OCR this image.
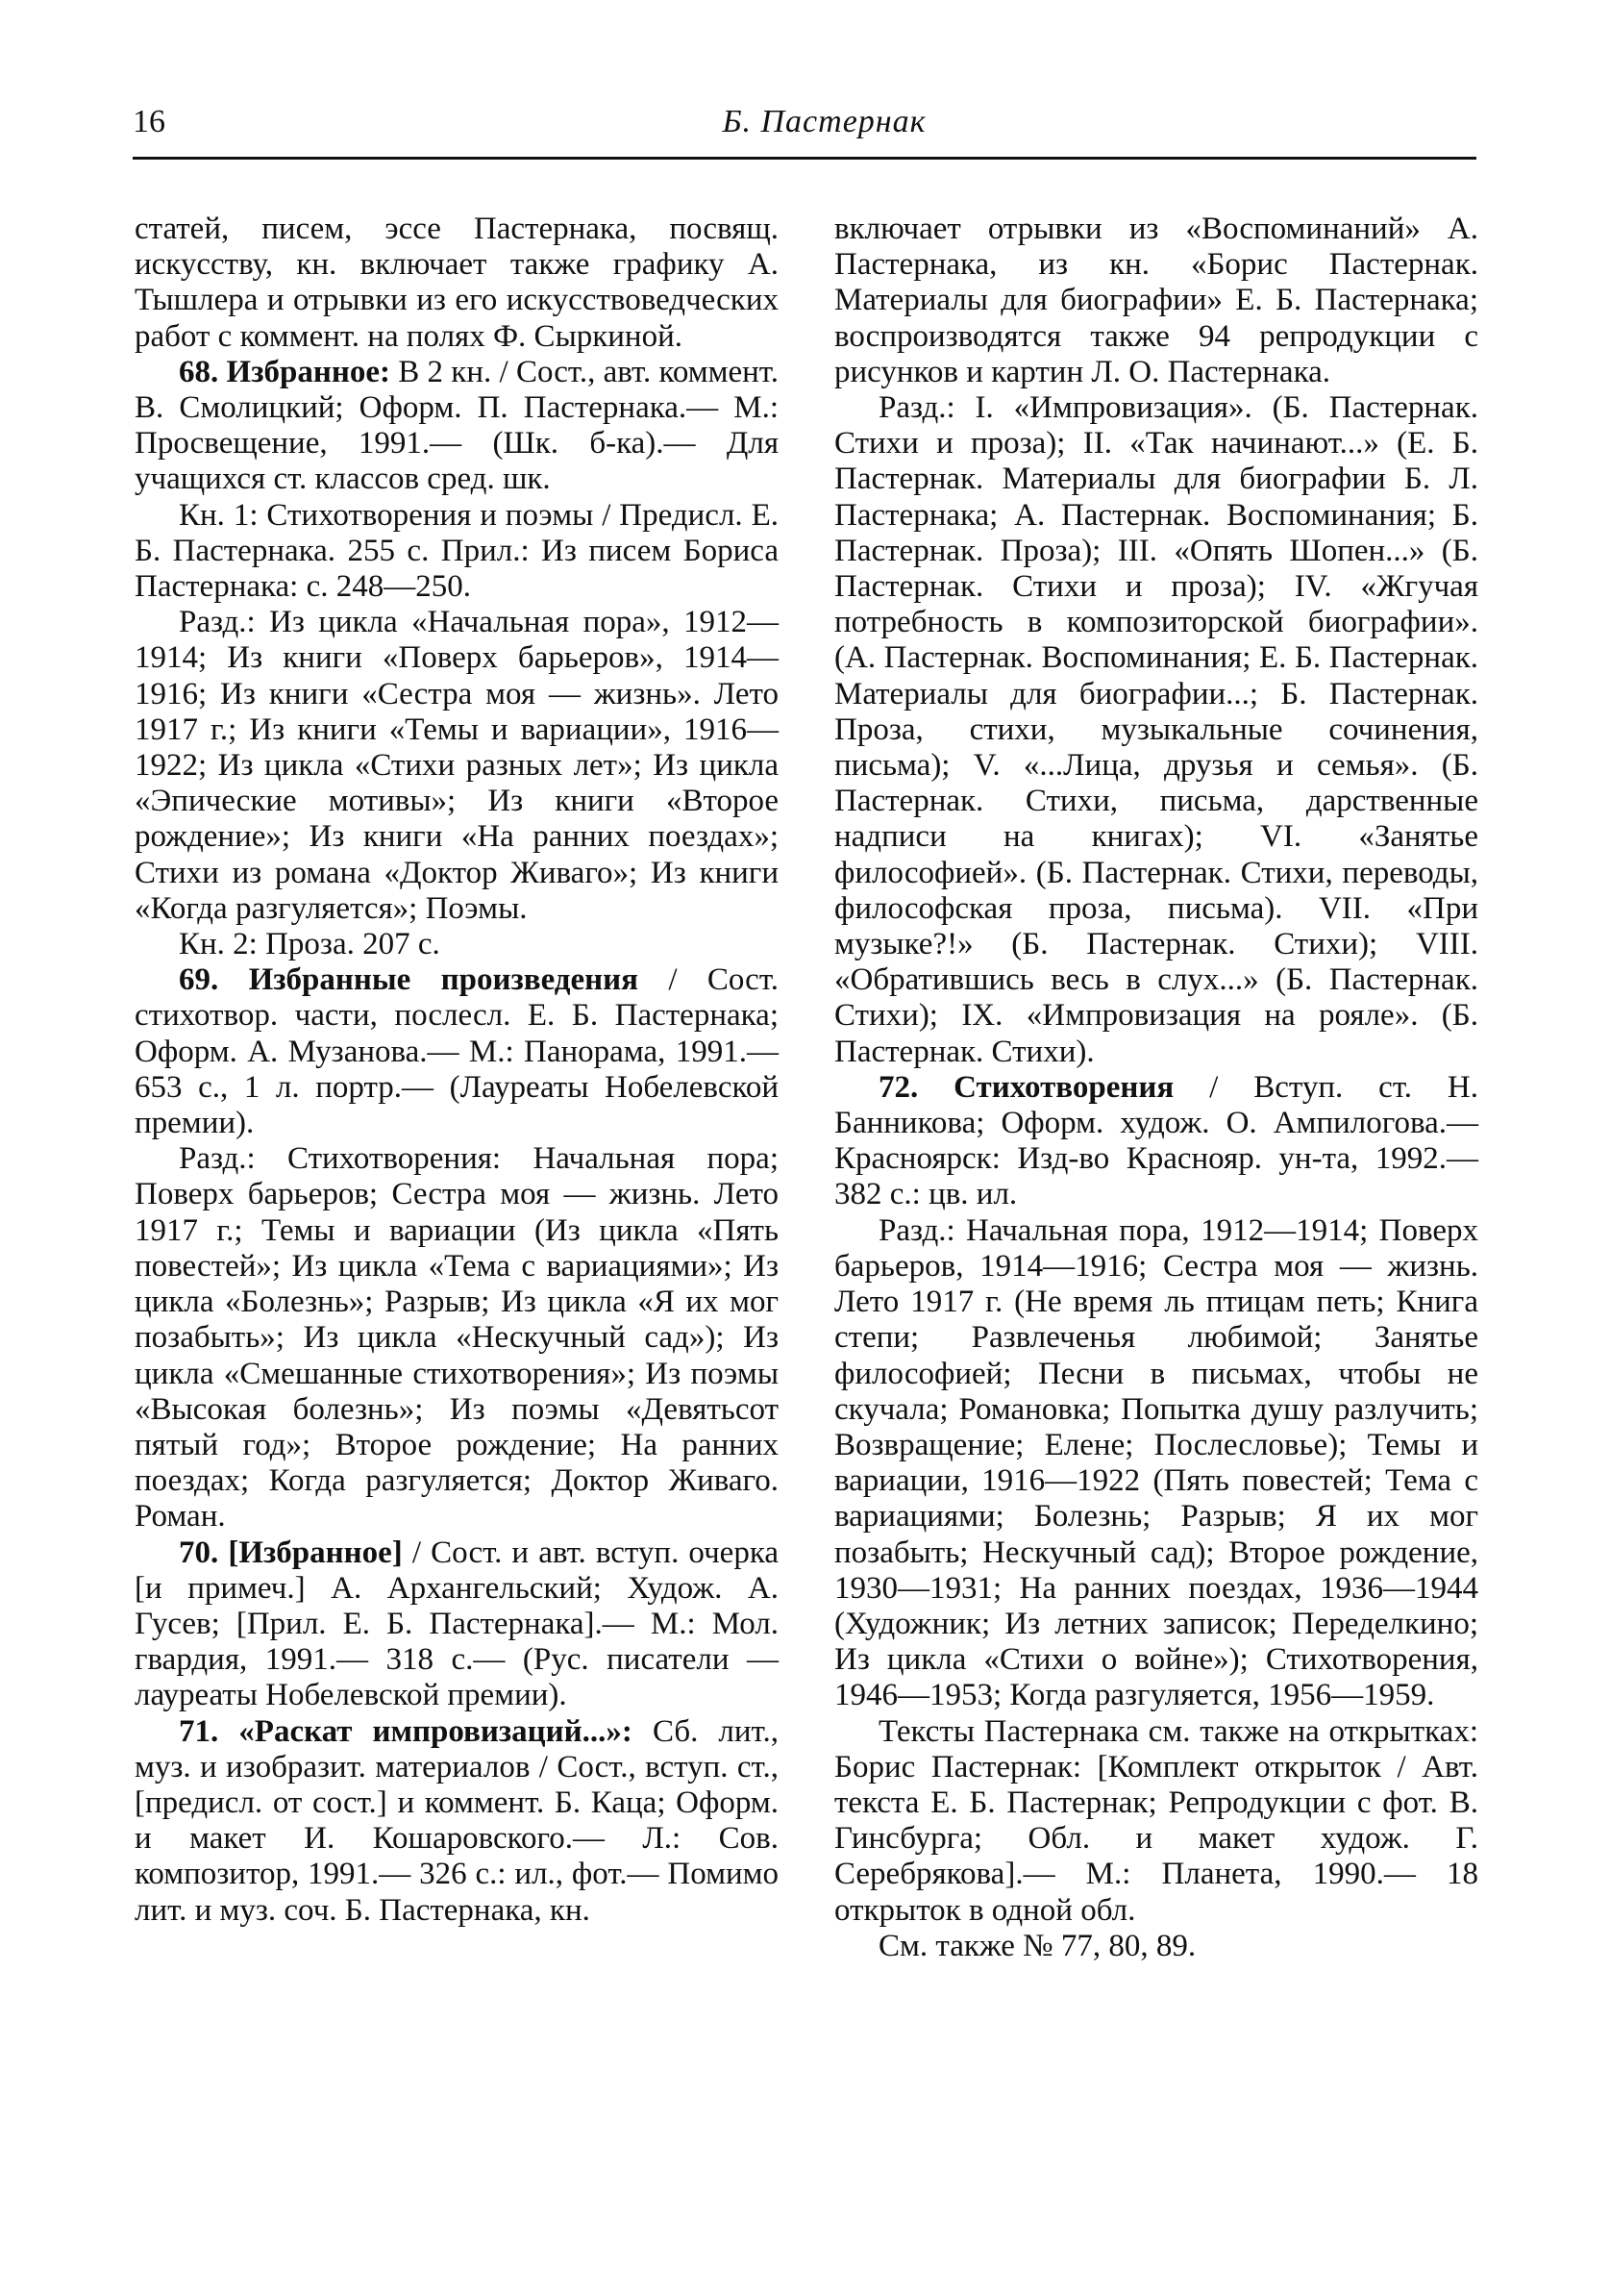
16	Б. Пастернак

статей, писем, эссе Пастернака, посвящ. искусству, кн. включает также графику А. Тышлера и отрывки из его искусствоведческих работ с коммент. на полях Ф. Сыркиной.

68. Избранное: В 2 кн. / Сост., авт. коммент. В. Смолицкий; Оформ. П. Пастернака.— М.: Просвещение, 1991.— (Шк. б-ка).— Для учащихся ст. классов сред. шк.

Кн. 1: Стихотворения и поэмы / Предисл. Е. Б. Пастернака. 255 с. Прил.: Из писем Бориса Пастернака: с. 248—250.

Разд.: Из цикла «Начальная пора», 1912—1914; Из книги «Поверх барьеров», 1914—1916; Из книги «Сестра моя — жизнь». Лето 1917 г.; Из книги «Темы и вариации», 1916—1922; Из цикла «Стихи разных лет»; Из цикла «Эпические мотивы»; Из книги «Второе рождение»; Из книги «На ранних поездах»; Стихи из романа «Доктор Живаго»; Из книги «Когда разгуляется»; Поэмы.

Кн. 2: Проза. 207 с.

69. Избранные произведения / Сост. стихотвор. части, послесл. Е. Б. Пастернака; Оформ. А. Музанова.— М.: Панорама, 1991.— 653 с., 1 л. портр.— (Лауреаты Нобелевской премии).

Разд.: Стихотворения: Начальная пора; Поверх барьеров; Сестра моя — жизнь. Лето 1917 г.; Темы и вариации (Из цикла «Пять повестей»; Из цикла «Тема с вариациями»; Из цикла «Болезнь»; Разрыв; Из цикла «Я их мог позабыть»; Из цикла «Нескучный сад»); Из цикла «Смешанные стихотворения»; Из поэмы «Высокая болезнь»; Из поэмы «Девятьсот пятый год»; Второе рождение; На ранних поездах; Когда разгуляется; Доктор Живаго. Роман.

70. [Избранное] / Сост. и авт. вступ. очерка [и примеч.] А. Архангельский; Худож. А. Гусев; [Прил. Е. Б. Пастернака].— М.: Мол. гвардия, 1991.— 318 с.— (Рус. писатели — лауреаты Нобелевской премии).

71. «Раскат импровизаций...»: Сб. лит., муз. и изобразит. материалов / Сост., вступ. ст., [предисл. от сост.] и коммент. Б. Каца; Оформ. и макет И. Кошаровского.— Л.: Сов. композитор, 1991.— 326 с.: ил., фот.— Помимо лит. и муз. соч. Б. Пастернака, кн.

включает отрывки из «Воспоминаний» А. Пастернака, из кн. «Борис Пастернак. Материалы для биографии» Е. Б. Пастернака; воспроизводятся также 94 репродукции с рисунков и картин Л. О. Пастернака.

Разд.: I. «Импровизация». (Б. Пастернак. Стихи и проза); II. «Так начинают...» (Е. Б. Пастернак. Материалы для биографии Б. Л. Пастернака; А. Пастернак. Воспоминания; Б. Пастернак. Проза); III. «Опять Шопен...» (Б. Пастернак. Стихи и проза); IV. «Жгучая потребность в композиторской биографии». (А. Пастернак. Воспоминания; Е. Б. Пастернак. Материалы для биографии...; Б. Пастернак. Проза, стихи, музыкальные сочинения, письма); V. «...Лица, друзья и семья». (Б. Пастернак. Стихи, письма, дарственные надписи на книгах); VI. «Занятье философией». (Б. Пастернак. Стихи, переводы, философская проза, письма). VII. «При музыке?!» (Б. Пастернак. Стихи); VIII. «Обратившись весь в слух...» (Б. Пастернак. Стихи); IX. «Импровизация на рояле». (Б. Пастернак. Стихи).

72. Стихотворения / Вступ. ст. Н. Банникова; Оформ. худож. О. Ампилогова.— Красноярск: Изд-во Краснояр. ун-та, 1992.— 382 с.: цв. ил.

Разд.: Начальная пора, 1912—1914; Поверх барьеров, 1914—1916; Сестра моя — жизнь. Лето 1917 г. (Не время ль птицам петь; Книга степи; Развлеченья любимой; Занятье философией; Песни в письмах, чтобы не скучала; Романовка; Попытка душу разлучить; Возвращение; Елене; Послесловье); Темы и вариации, 1916—1922 (Пять повестей; Тема с вариациями; Болезнь; Разрыв; Я их мог позабыть; Нескучный сад); Второе рождение, 1930—1931; На ранних поездах, 1936—1944 (Художник; Из летних записок; Переделкино; Из цикла «Стихи о войне»); Стихотворения, 1946—1953; Когда разгуляется, 1956—1959.

Тексты Пастернака см. также на открытках: Борис Пастернак: [Комплект открыток / Авт. текста Е. Б. Пастернак; Репродукции с фот. В. Гинсбурга; Обл. и макет худож. Г. Серебрякова].— М.: Планета, 1990.— 18 открыток в одной обл.

См. также № 77, 80, 89.
